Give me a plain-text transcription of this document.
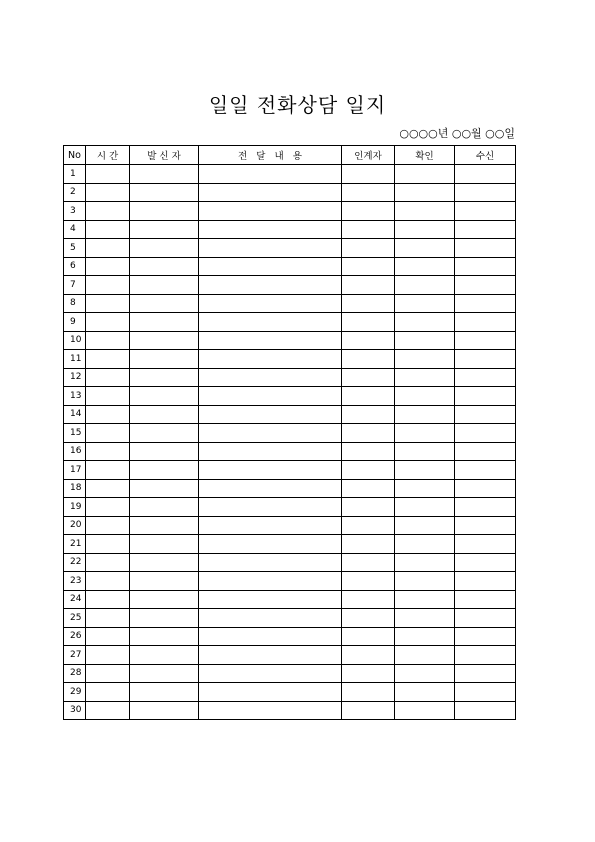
일일 전화상담 일지
○○○○년 ○○월 ○○일
No	시 간	발 신 자	전   달   내   용	인계자	확인	수신
1						
2						
3						
4						
5						
6						
7						
8						
9						
10						
11						
12						
13						
14						
15						
16						
17						
18						
19						
20						
21						
22						
23						
24						
25						
26						
27						
28						
29						
30						
